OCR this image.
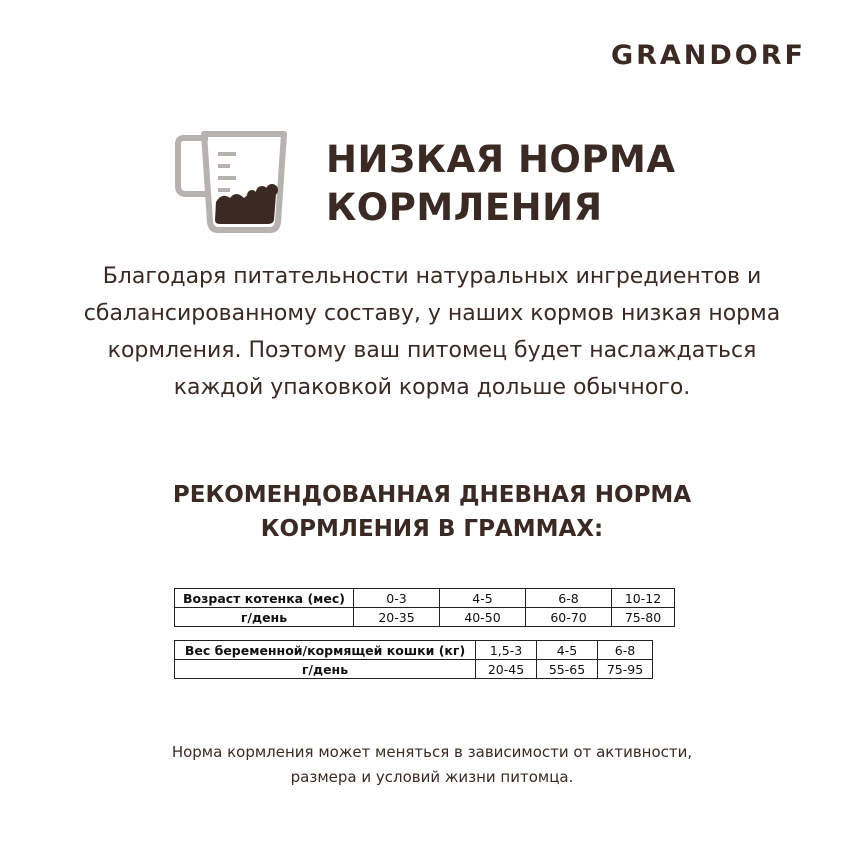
GRANDORF
НИЗКАЯ НОРМА
КОРМЛЕНИЯ
Благодаря питательности натуральных ингредиентов и
сбалансированному составу, у наших кормов низкая норма
кормления. Поэтому ваш питомец будет наслаждаться
каждой упаковкой корма дольше обычного.
РЕКОМЕНДОВАННАЯ ДНЕВНАЯ НОРМА
КОРМЛЕНИЯ В ГРАММАХ:
Возраст котенка (мес)	0-3	4-5	6-8	10-12
г/день	20-35	40-50	60-70	75-80
Вес беременной/кормящей кошки (кг)	1,5-3	4-5	6-8
г/день	20-45	55-65	75-95
Норма кормления может меняться в зависимости от активности,
размера и условий жизни питомца.
